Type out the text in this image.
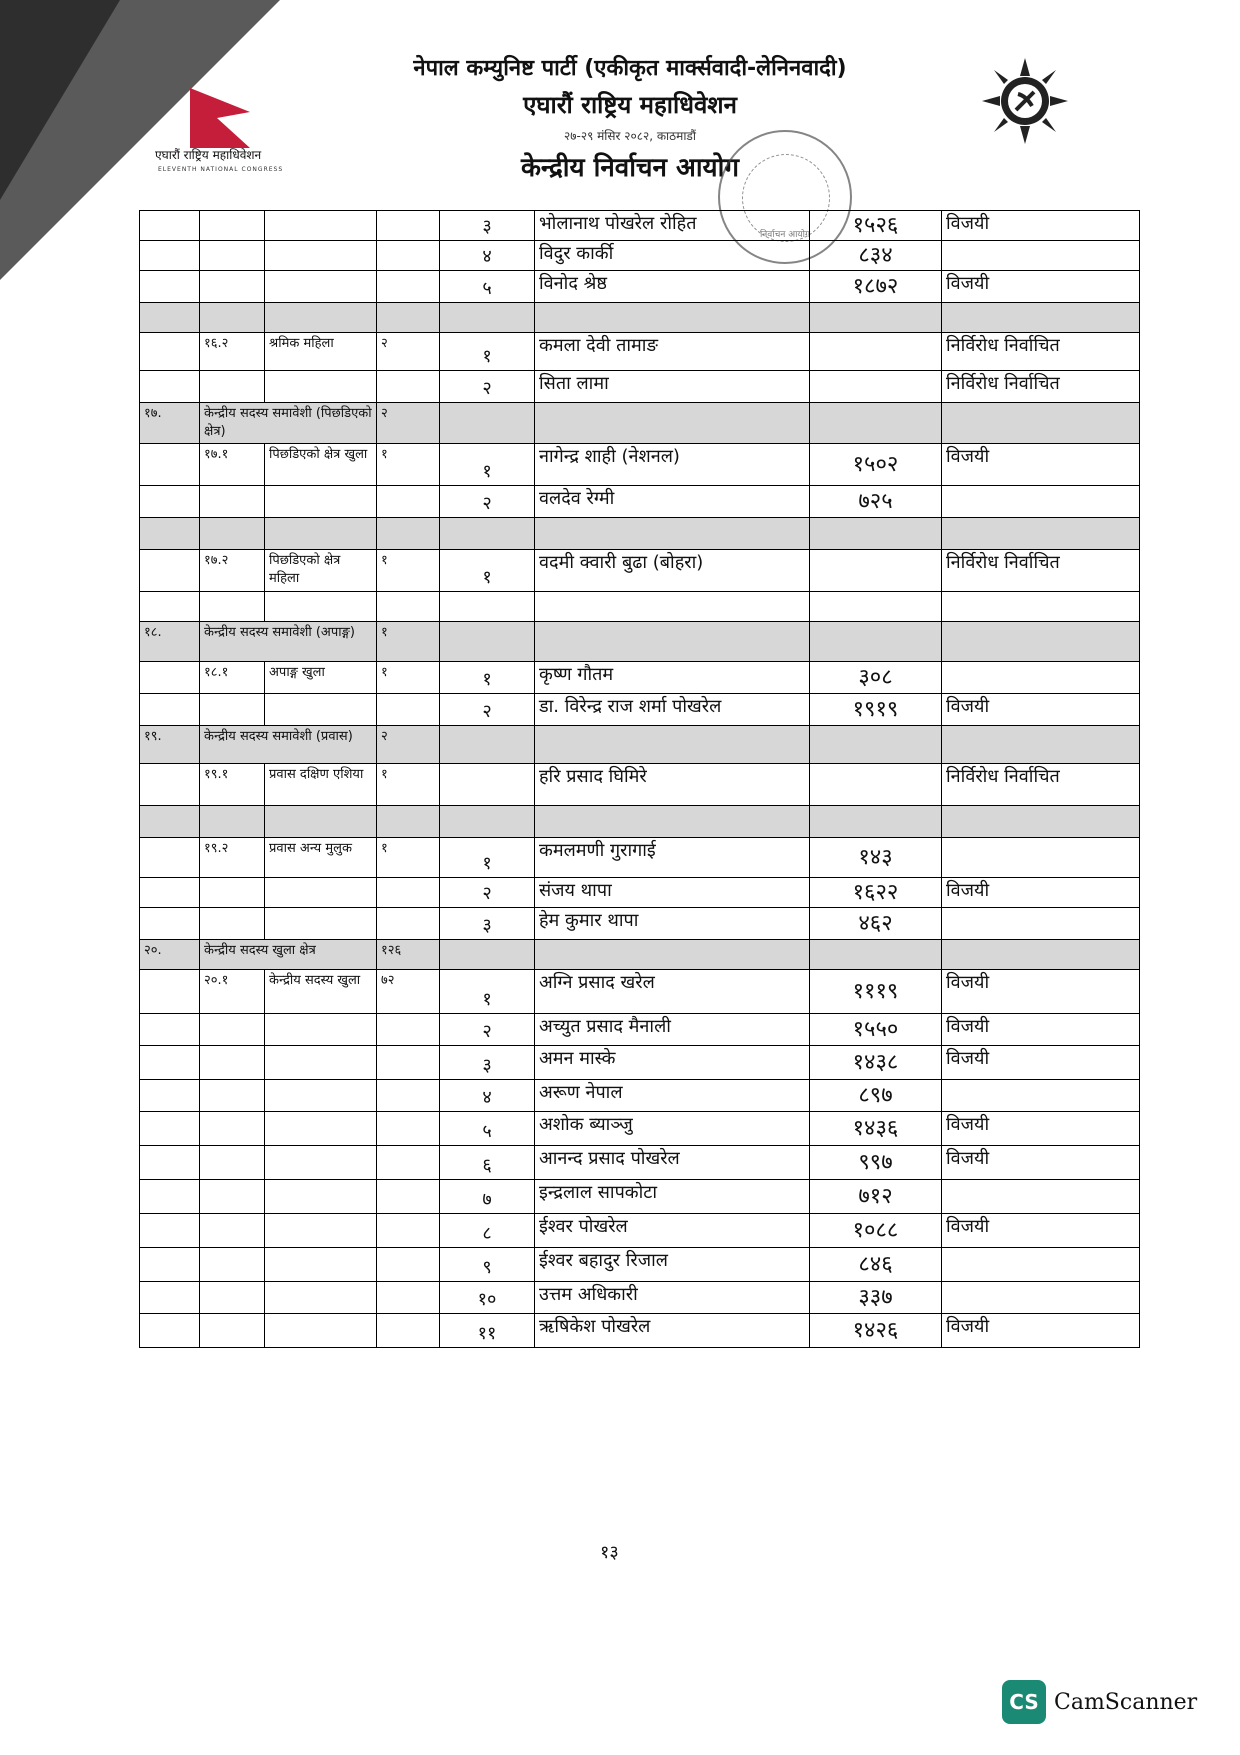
एघारौं राष्ट्रिय महाधिवेशन
ELEVENTH NATIONAL CONGRESS
नेपाल कम्युनिष्ट पार्टी (एकीकृत मार्क्सवादी-लेनिनवादी)
एघारौं राष्ट्रिय महाधिवेशन
२७-२९ मंसिर २०८२, काठमाडौं
केन्द्रीय निर्वाचन आयोग
निर्वाचन आयोग
				३	भोलानाथ पोखरेल रोहित	१५२६	विजयी
				४	विदुर कार्की	८३४	
				५	विनोद श्रेष्ठ	१८७२	विजयी

	१६.२	श्रमिक महिला	२	१	कमला देवी तामाङ		निर्विरोध निर्वाचित
				२	सिता लामा		निर्विरोध निर्वाचित
१७.	केन्द्रीय सदस्य समावेशी (पिछडिएको क्षेत्र)		२				
	१७.१	पिछडिएको क्षेत्र खुला	१	१	नागेन्द्र शाही (नेशनल)	१५०२	विजयी
				२	वलदेव रेग्मी	७२५	

	१७.२	पिछडिएको क्षेत्र महिला	१	१	वदमी क्वारी बुढा (बोहरा)		निर्विरोध निर्वाचित

१८.	केन्द्रीय सदस्य समावेशी (अपाङ्ग)		१				
	१८.१	अपाङ्ग खुला	१	१	कृष्ण गौतम	३०८	
				२	डा. विरेन्द्र राज शर्मा पोखरेल	१९१९	विजयी
१९.	केन्द्रीय सदस्य समावेशी (प्रवास)		२				
	१९.१	प्रवास दक्षिण एशिया	१		हरि प्रसाद घिमिरे		निर्विरोध निर्वाचित

	१९.२	प्रवास अन्य मुलुक	१	१	कमलमणी गुरागाई	१४३	
				२	संजय थापा	१६२२	विजयी
				३	हेम कुमार थापा	४६२	
२०.	केन्द्रीय सदस्य खुला क्षेत्र		१२६				
	२०.१	केन्द्रीय सदस्य खुला	७२	१	अग्नि प्रसाद खरेल	१११९	विजयी
				२	अच्युत प्रसाद मैनाली	१५५०	विजयी
				३	अमन मास्के	१४३८	विजयी
				४	अरूण नेपाल	८९७	
				५	अशोक ब्याञ्जु	१४३६	विजयी
				६	आनन्द प्रसाद पोखरेल	९९७	विजयी
				७	इन्द्रलाल सापकोटा	७१२	
				८	ईश्वर पोखरेल	१०८८	विजयी
				९	ईश्वर बहादुर रिजाल	८४६	
				१०	उत्तम अधिकारी	३३७	
				११	ऋषिकेश पोखरेल	१४२६	विजयी
१३
CS CamScanner
